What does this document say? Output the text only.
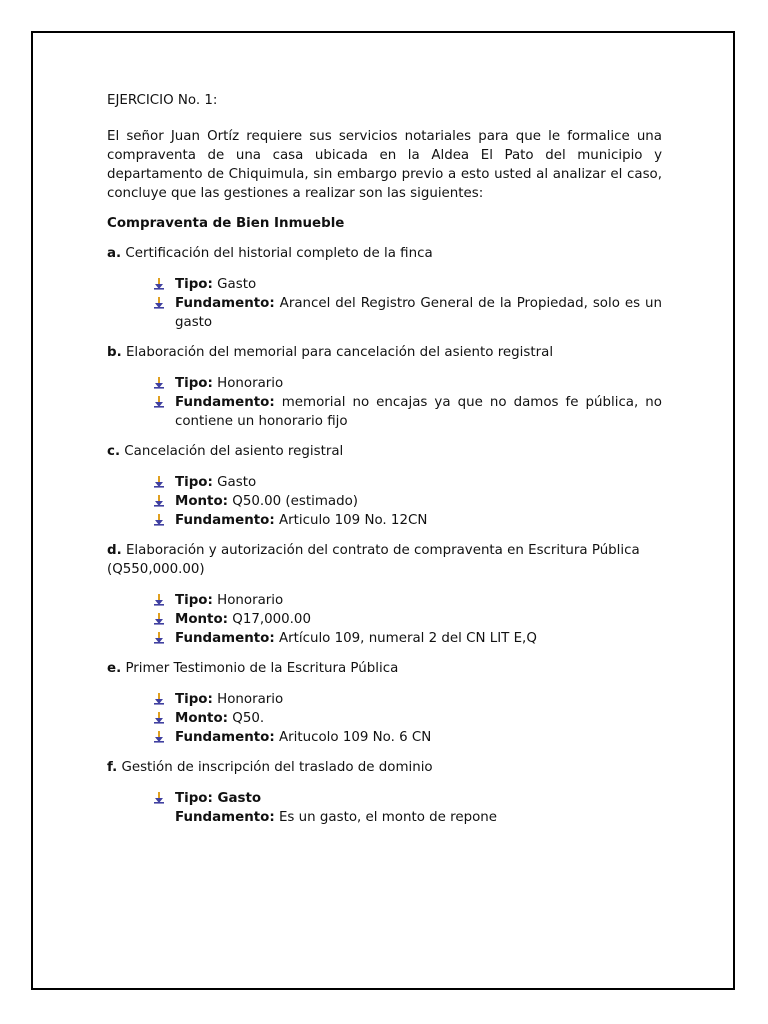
EJERCICIO No. 1:
El señor Juan Ortíz requiere sus servicios notariales para que le formalice una compraventa de una casa ubicada en la Aldea El Pato del municipio y departamento de Chiquimula, sin embargo previo a esto usted al analizar el caso, concluye que las gestiones a realizar son las siguientes:
Compraventa de Bien Inmueble
a. Certificación del historial completo de la finca
Tipo: Gasto
Fundamento: Arancel del Registro General de la Propiedad, solo es un gasto
b. Elaboración del memorial para cancelación del asiento registral
Tipo: Honorario
Fundamento: memorial no encajas ya que no damos fe pública, no contiene un honorario fijo
c. Cancelación del asiento registral
Tipo: Gasto
Monto: Q50.00 (estimado)
Fundamento: Articulo 109 No. 12CN
d. Elaboración y autorización del contrato de compraventa en Escritura Pública (Q550,000.00)
Tipo: Honorario
Monto: Q17,000.00
Fundamento: Artículo 109, numeral 2 del CN LIT E,Q
e. Primer Testimonio de la Escritura Pública
Tipo: Honorario
Monto: Q50.
Fundamento: Aritucolo 109 No. 6 CN
f. Gestión de inscripción del traslado de dominio
Tipo: Gasto
Fundamento: Es un gasto, el monto de repone
